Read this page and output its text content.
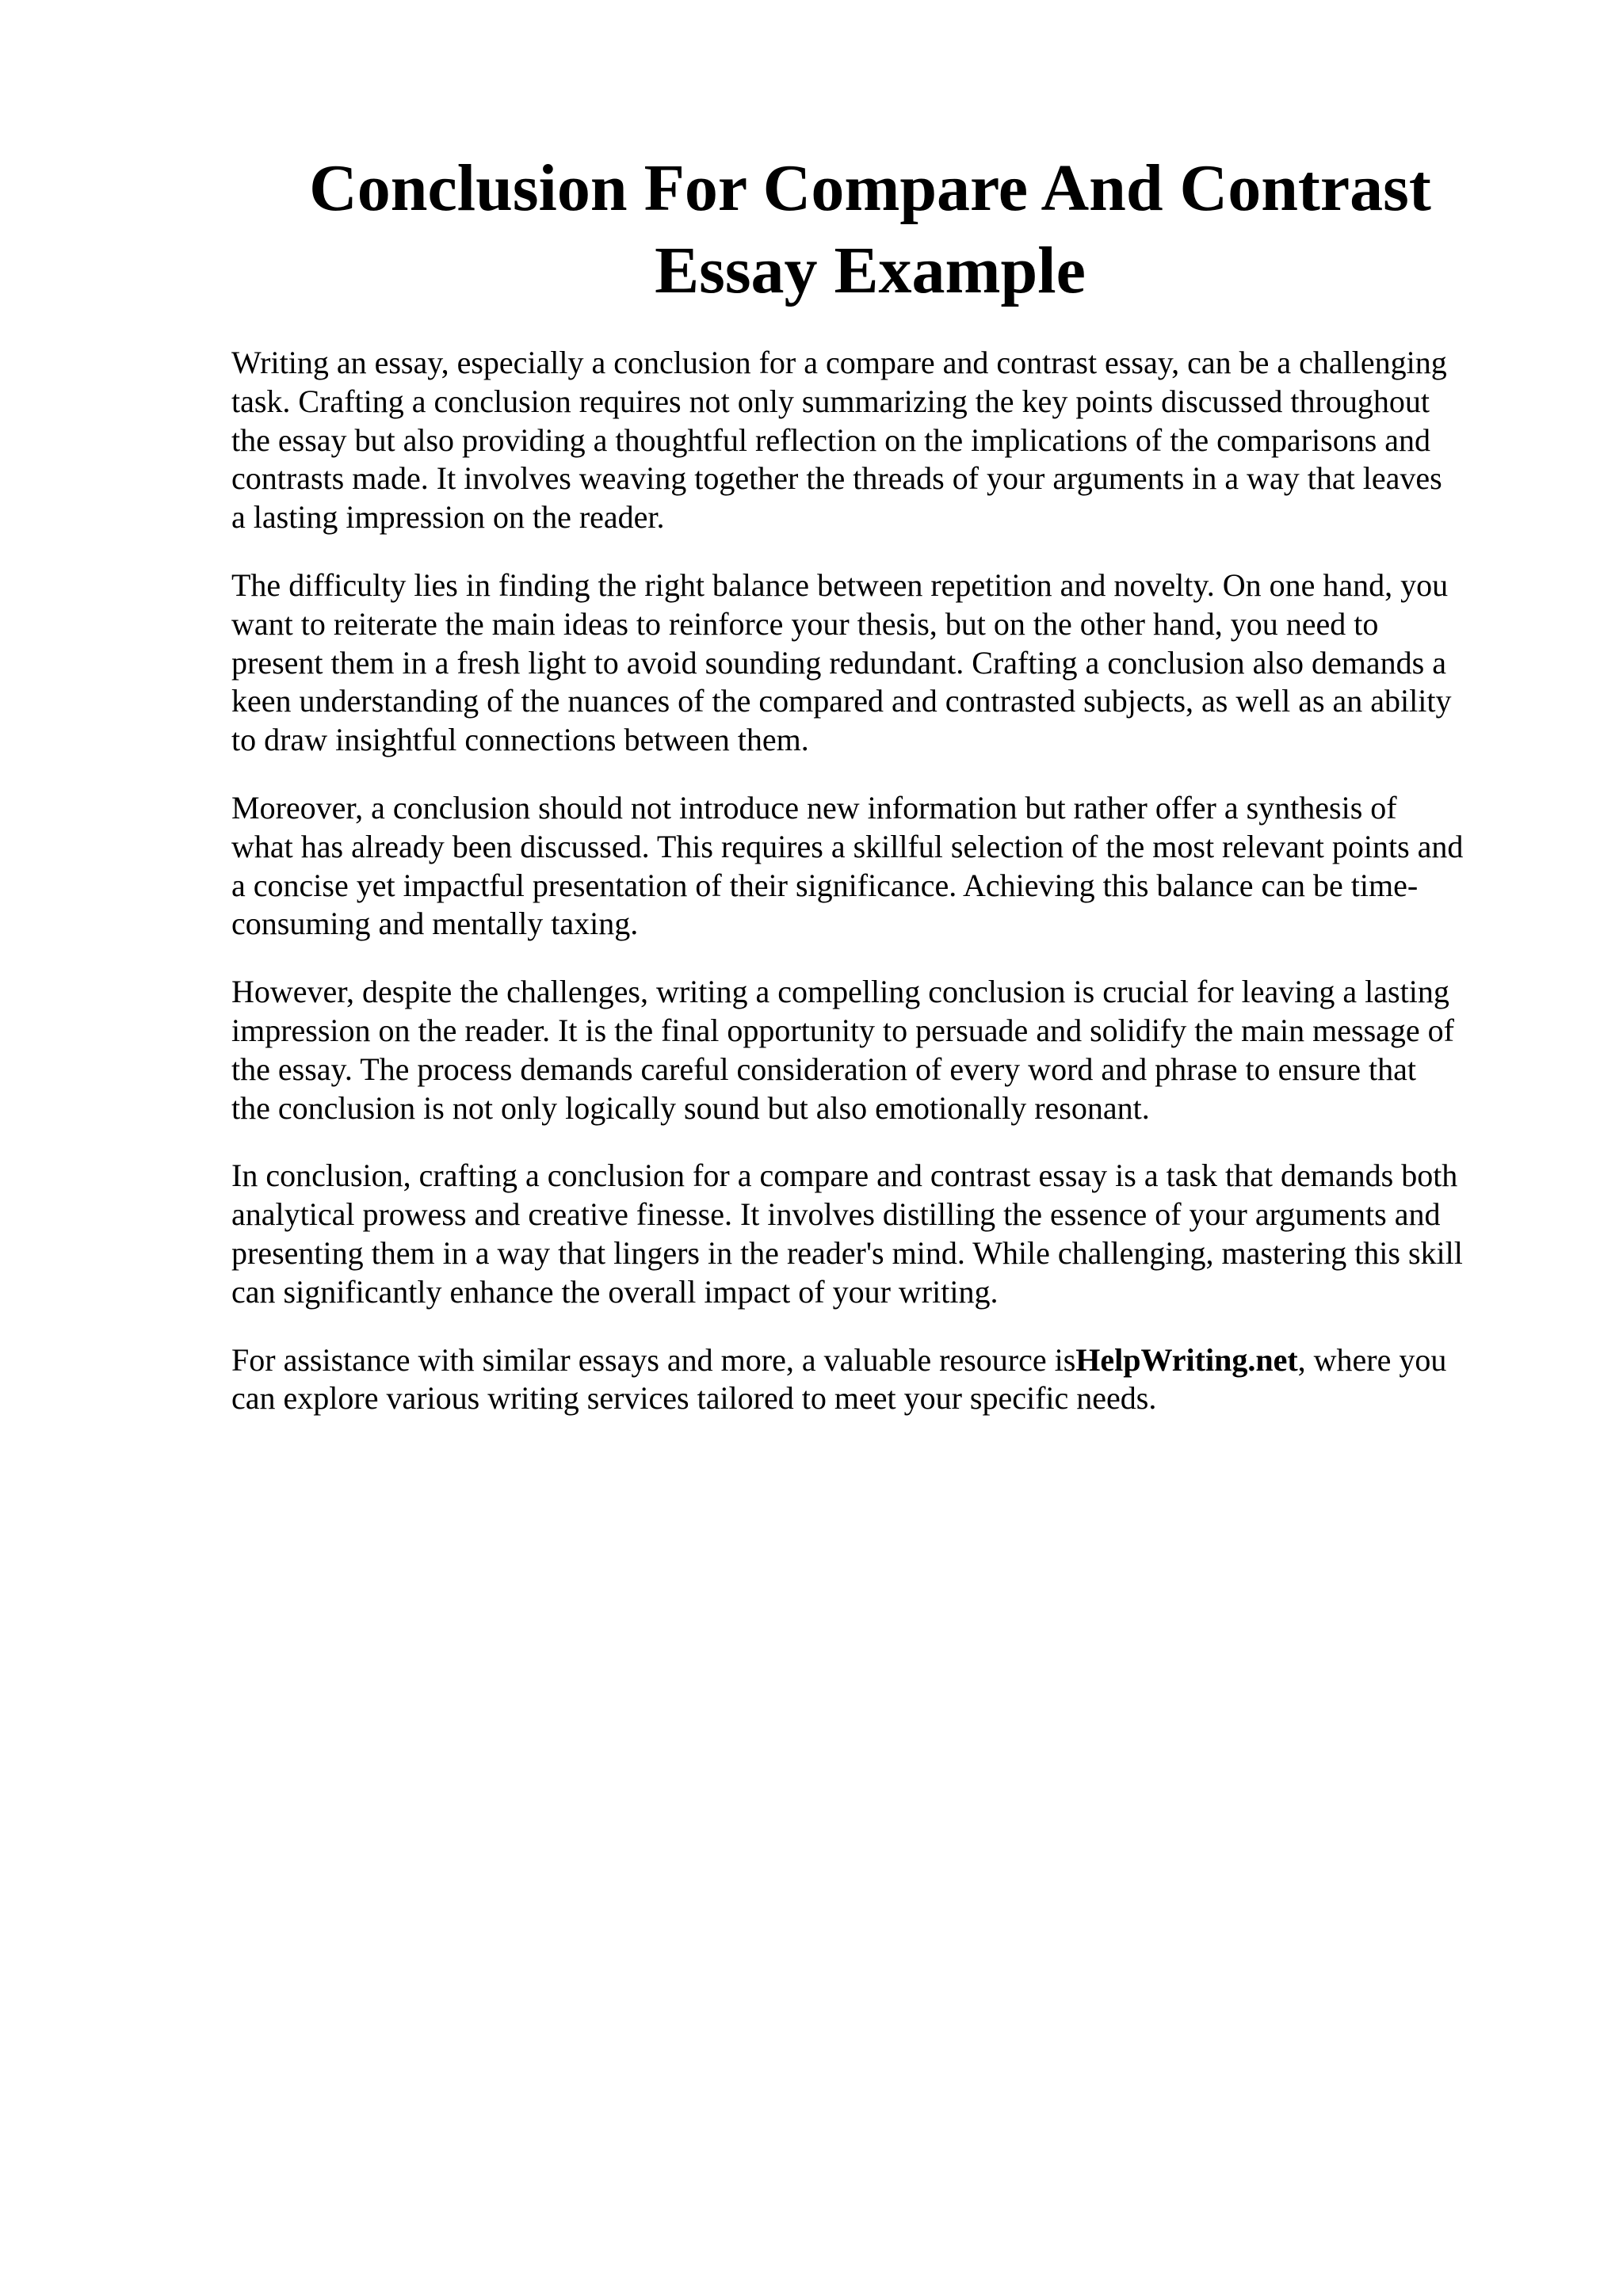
Conclusion For Compare And Contrast
Essay Example

Writing an essay, especially a conclusion for a compare and contrast essay, can be a challenging
task. Crafting a conclusion requires not only summarizing the key points discussed throughout
the essay but also providing a thoughtful reflection on the implications of the comparisons and
contrasts made. It involves weaving together the threads of your arguments in a way that leaves
a lasting impression on the reader.

The difficulty lies in finding the right balance between repetition and novelty. On one hand, you
want to reiterate the main ideas to reinforce your thesis, but on the other hand, you need to
present them in a fresh light to avoid sounding redundant. Crafting a conclusion also demands a
keen understanding of the nuances of the compared and contrasted subjects, as well as an ability
to draw insightful connections between them.

Moreover, a conclusion should not introduce new information but rather offer a synthesis of
what has already been discussed. This requires a skillful selection of the most relevant points and
a concise yet impactful presentation of their significance. Achieving this balance can be time-
consuming and mentally taxing.

However, despite the challenges, writing a compelling conclusion is crucial for leaving a lasting
impression on the reader. It is the final opportunity to persuade and solidify the main message of
the essay. The process demands careful consideration of every word and phrase to ensure that
the conclusion is not only logically sound but also emotionally resonant.

In conclusion, crafting a conclusion for a compare and contrast essay is a task that demands both
analytical prowess and creative finesse. It involves distilling the essence of your arguments and
presenting them in a way that lingers in the reader's mind. While challenging, mastering this skill
can significantly enhance the overall impact of your writing.

For assistance with similar essays and more, a valuable resource isHelpWriting.net, where you
can explore various writing services tailored to meet your specific needs.
